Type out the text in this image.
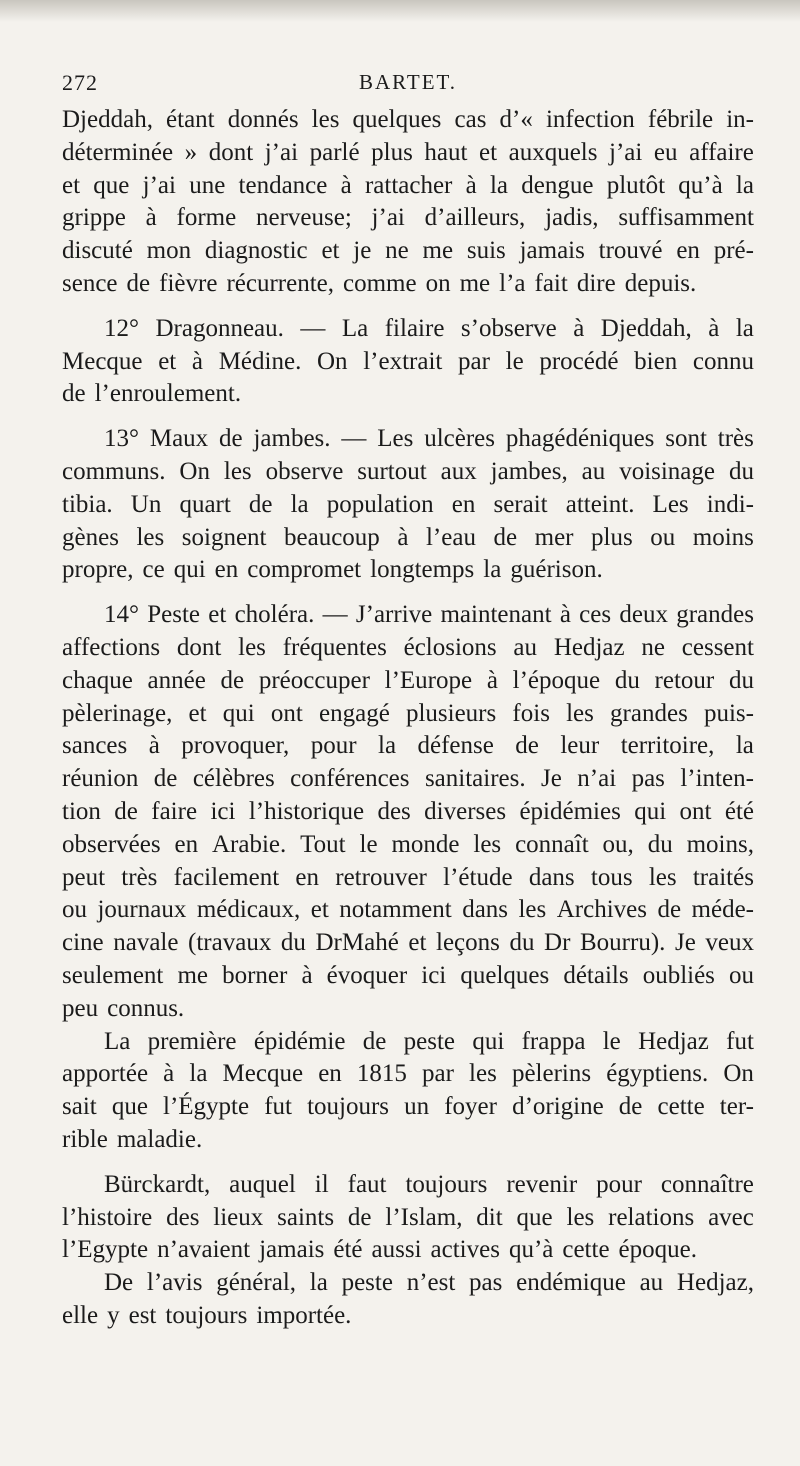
272	BARTET.
Djeddah, étant donnés les quelques cas d’« infection fébrile in-
déterminée » dont j’ai parlé plus haut et auxquels j’ai eu affaire
et que j’ai une tendance à rattacher à la dengue plutôt qu’à la
grippe à forme nerveuse; j’ai d’ailleurs, jadis, suffisamment
discuté mon diagnostic et je ne me suis jamais trouvé en pré-
sence de fièvre récurrente, comme on me l’a fait dire depuis.
12° Dragonneau. — La filaire s’observe à Djeddah, à la
Mecque et à Médine. On l’extrait par le procédé bien connu
de l’enroulement.
13° Maux de jambes. — Les ulcères phagédéniques sont très
communs. On les observe surtout aux jambes, au voisinage du
tibia. Un quart de la population en serait atteint. Les indi-
gènes les soignent beaucoup à l’eau de mer plus ou moins
propre, ce qui en compromet longtemps la guérison.
14° Peste et choléra. — J’arrive maintenant à ces deux grandes
affections dont les fréquentes éclosions au Hedjaz ne cessent
chaque année de préoccuper l’Europe à l’époque du retour du
pèlerinage, et qui ont engagé plusieurs fois les grandes puis-
sances à provoquer, pour la défense de leur territoire, la
réunion de célèbres conférences sanitaires. Je n’ai pas l’inten-
tion de faire ici l’historique des diverses épidémies qui ont été
observées en Arabie. Tout le monde les connaît ou, du moins,
peut très facilement en retrouver l’étude dans tous les traités
ou journaux médicaux, et notamment dans les Archives de méde-
cine navale (travaux du DrMahé et leçons du Dr Bourru). Je veux
seulement me borner à évoquer ici quelques détails oubliés ou
peu connus.
La première épidémie de peste qui frappa le Hedjaz fut
apportée à la Mecque en 1815 par les pèlerins égyptiens. On
sait que l’Égypte fut toujours un foyer d’origine de cette ter-
rible maladie.
Bürckardt, auquel il faut toujours revenir pour connaître
l’histoire des lieux saints de l’Islam, dit que les relations avec
l’Egypte n’avaient jamais été aussi actives qu’à cette époque.
De l’avis général, la peste n’est pas endémique au Hedjaz,
elle y est toujours importée.
